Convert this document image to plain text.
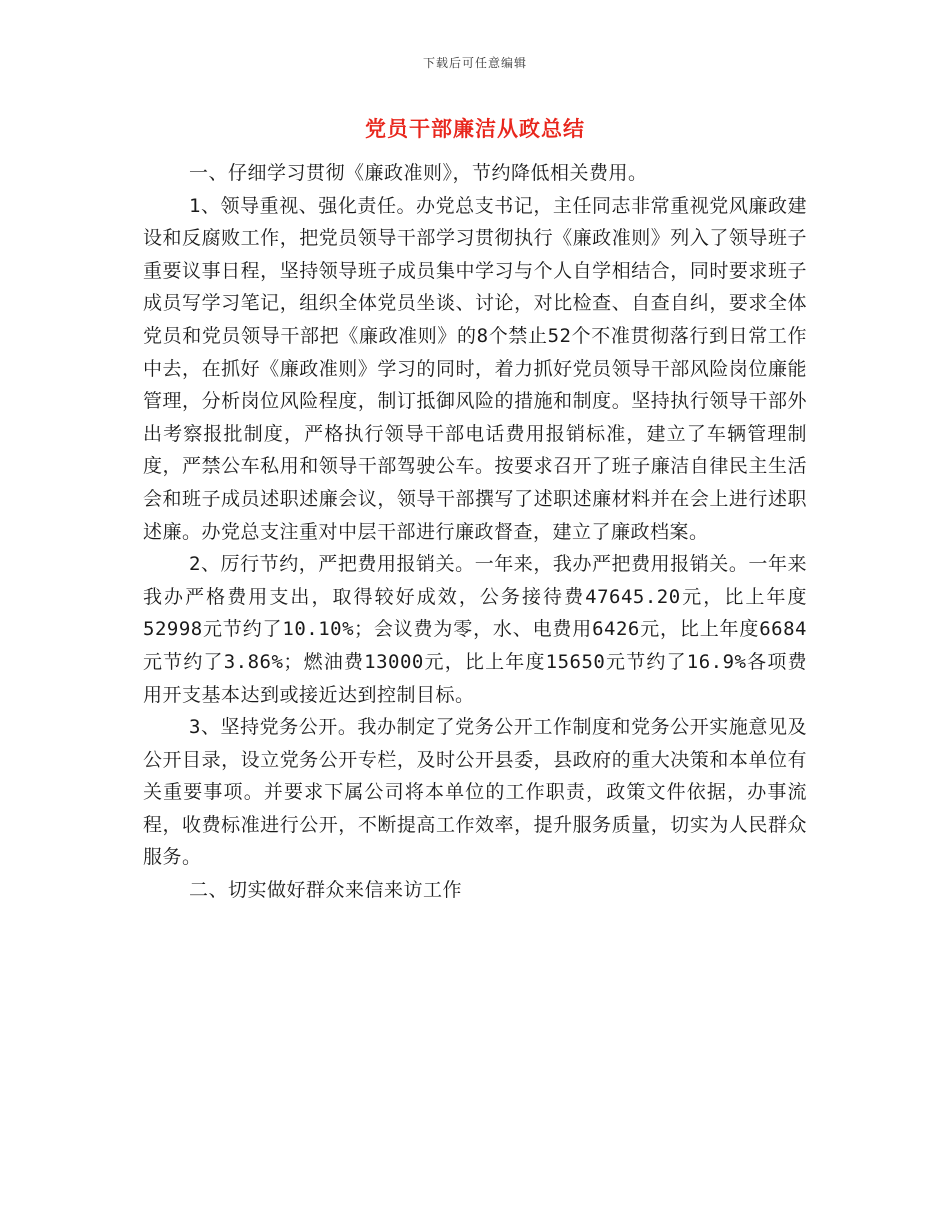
下载后可任意编辑
党员干部廉洁从政总结

一、仔细学习贯彻《廉政准则》，节约降低相关费用。

1、领导重视、强化责任。办党总支书记，主任同志非常重视党风廉政建设和反腐败工作，把党员领导干部学习贯彻执行《廉政准则》列入了领导班子重要议事日程，坚持领导班子成员集中学习与个人自学相结合，同时要求班子成员写学习笔记，组织全体党员坐谈、讨论，对比检查、自查自纠，要求全体党员和党员领导干部把《廉政准则》的8个禁止52个不准贯彻落行到日常工作中去，在抓好《廉政准则》学习的同时，着力抓好党员领导干部风险岗位廉能管理，分析岗位风险程度，制订抵御风险的措施和制度。坚持执行领导干部外出考察报批制度，严格执行领导干部电话费用报销标准，建立了车辆管理制度，严禁公车私用和领导干部驾驶公车。按要求召开了班子廉洁自律民主生活会和班子成员述职述廉会议，领导干部撰写了述职述廉材料并在会上进行述职述廉。办党总支注重对中层干部进行廉政督查，建立了廉政档案。

2、厉行节约，严把费用报销关。一年来，我办严把费用报销关。一年来我办严格费用支出，取得较好成效，公务接待费47645.20元，比上年度52998元节约了10.10%；会议费为零，水、电费用6426元，比上年度6684元节约了3.86%；燃油费13000元，比上年度15650元节约了16.9%各项费用开支基本达到或接近达到控制目标。

3、坚持党务公开。我办制定了党务公开工作制度和党务公开实施意见及公开目录，设立党务公开专栏，及时公开县委，县政府的重大决策和本单位有关重要事项。并要求下属公司将本单位的工作职责，政策文件依据，办事流程，收费标准进行公开，不断提高工作效率，提升服务质量，切实为人民群众服务。

二、切实做好群众来信来访工作
